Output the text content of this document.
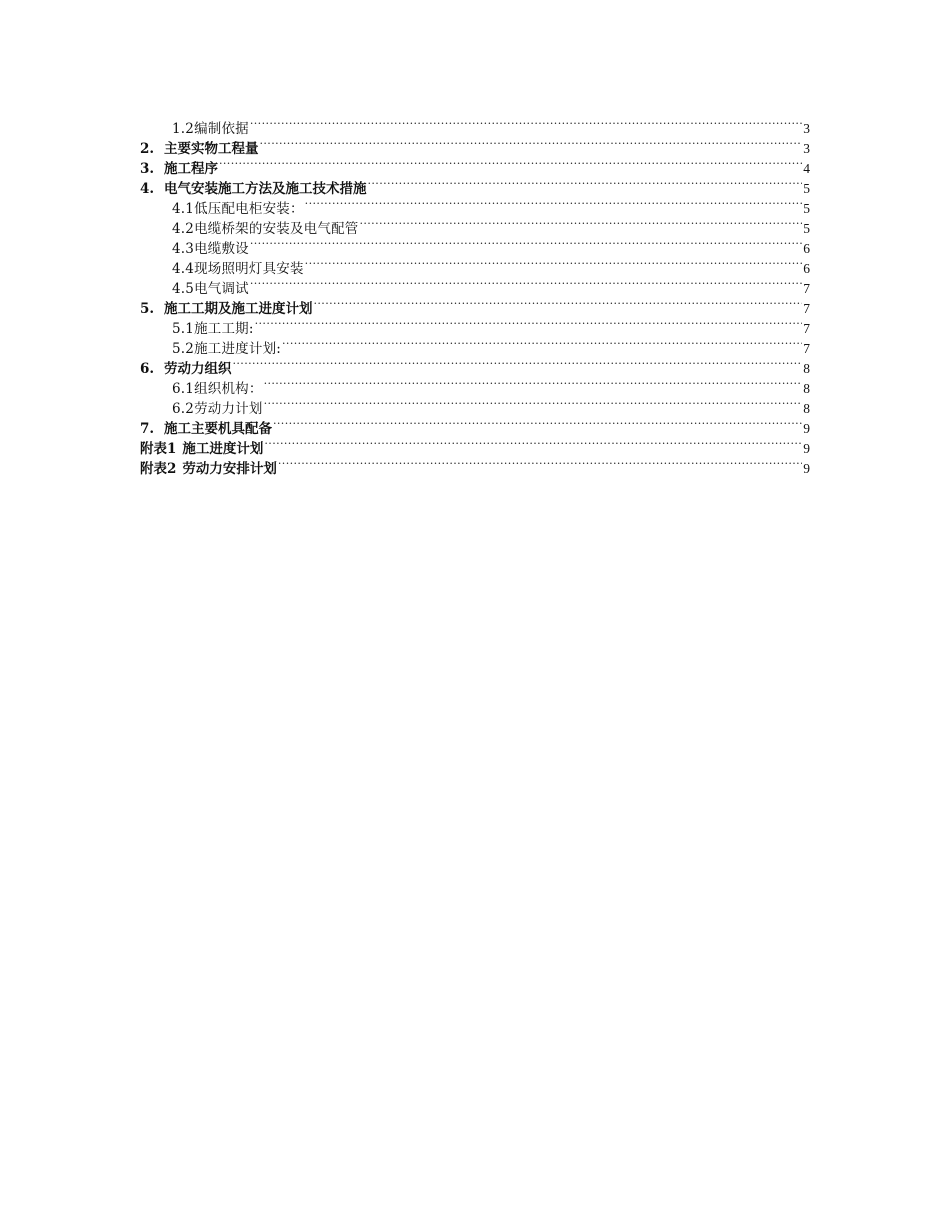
1.2编制依据 .....	3
2. 主要实物工程量 .....	3
3. 施工程序 .....	4
4. 电气安装施工方法及施工技术措施 .....	5
4.1低压配电柜安装： .....	5
4.2电缆桥架的安装及电气配管 .....	5
4.3电缆敷设 .....	6
4.4现场照明灯具安装 .....	6
4.5电气调试 .....	7
5. 施工工期及施工进度计划 .....	7
5.1施工工期: .....	7
5.2施工进度计划: .....	7
6. 劳动力组织 .....	8
6.1组织机构： .....	8
6.2劳动力计划 .....	8
7. 施工主要机具配备 .....	9
附表1 施工进度计划 .....	9
附表2 劳动力安排计划 .....	9
